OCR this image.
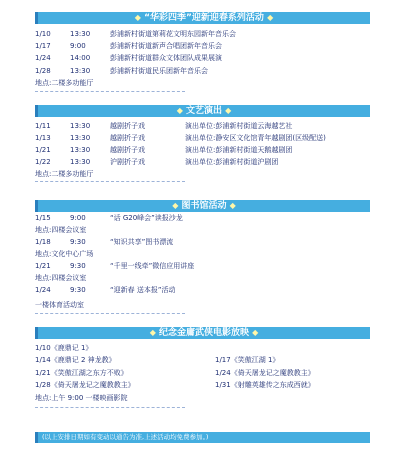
◆ “华彩四季”迎新迎春系列活动 ◆
1/10	13:30	彭浦新村街道第莉花文明东园新年音乐会
1/17	9:00	彭浦新村街道新声合唱团新年音乐会
1/24	14:00	彭浦新村街道群众文体团队成果展演
1/28	13:30	彭浦新村街道民乐团新年音乐会
地点:二楼多功能厅
◆ 文艺演出 ◆
1/11	13:30	越剧折子戏	演出单位:彭浦新村街道云海越艺社
1/13	13:30	越剧折子戏	演出单位:静安区文化馆青年越剧团(区级配送)
1/21	13:30	越剧折子戏	演出单位:彭浦新村街道天鹅越剧团
1/22	13:30	沪剧折子戏	演出单位:彭浦新村街道沪剧团
地点:二楼多功能厅
◆ 图书馆活动 ◆
1/15	9:00	“话 G20峰会”读报沙龙
地点:四楼会议室
1/18	9:30	“知识共享”图书漂流
地点:文化中心广场
1/21	9:30	“千里一线牵”微信应用讲座
地点:四楼会议室
1/24	9:30	“迎新春 送本报”活动
一楼体育活动室
◆ 纪念金庸武侠电影放映 ◆
1/10《鹿鼎记 1》
1/14《鹿鼎记 2 神龙教》	1/17《笑傲江湖 1》
1/21《笑傲江湖之东方不败》	1/24《倚天屠龙记之魔教教主》
1/28《倚天屠龙记之魔教教主》	1/31《射雕英雄传之东成西就》
地点:上午 9:00 一楼映画影院
(以上安排日期如有变动以通告为准,上述活动均免费参加。)
